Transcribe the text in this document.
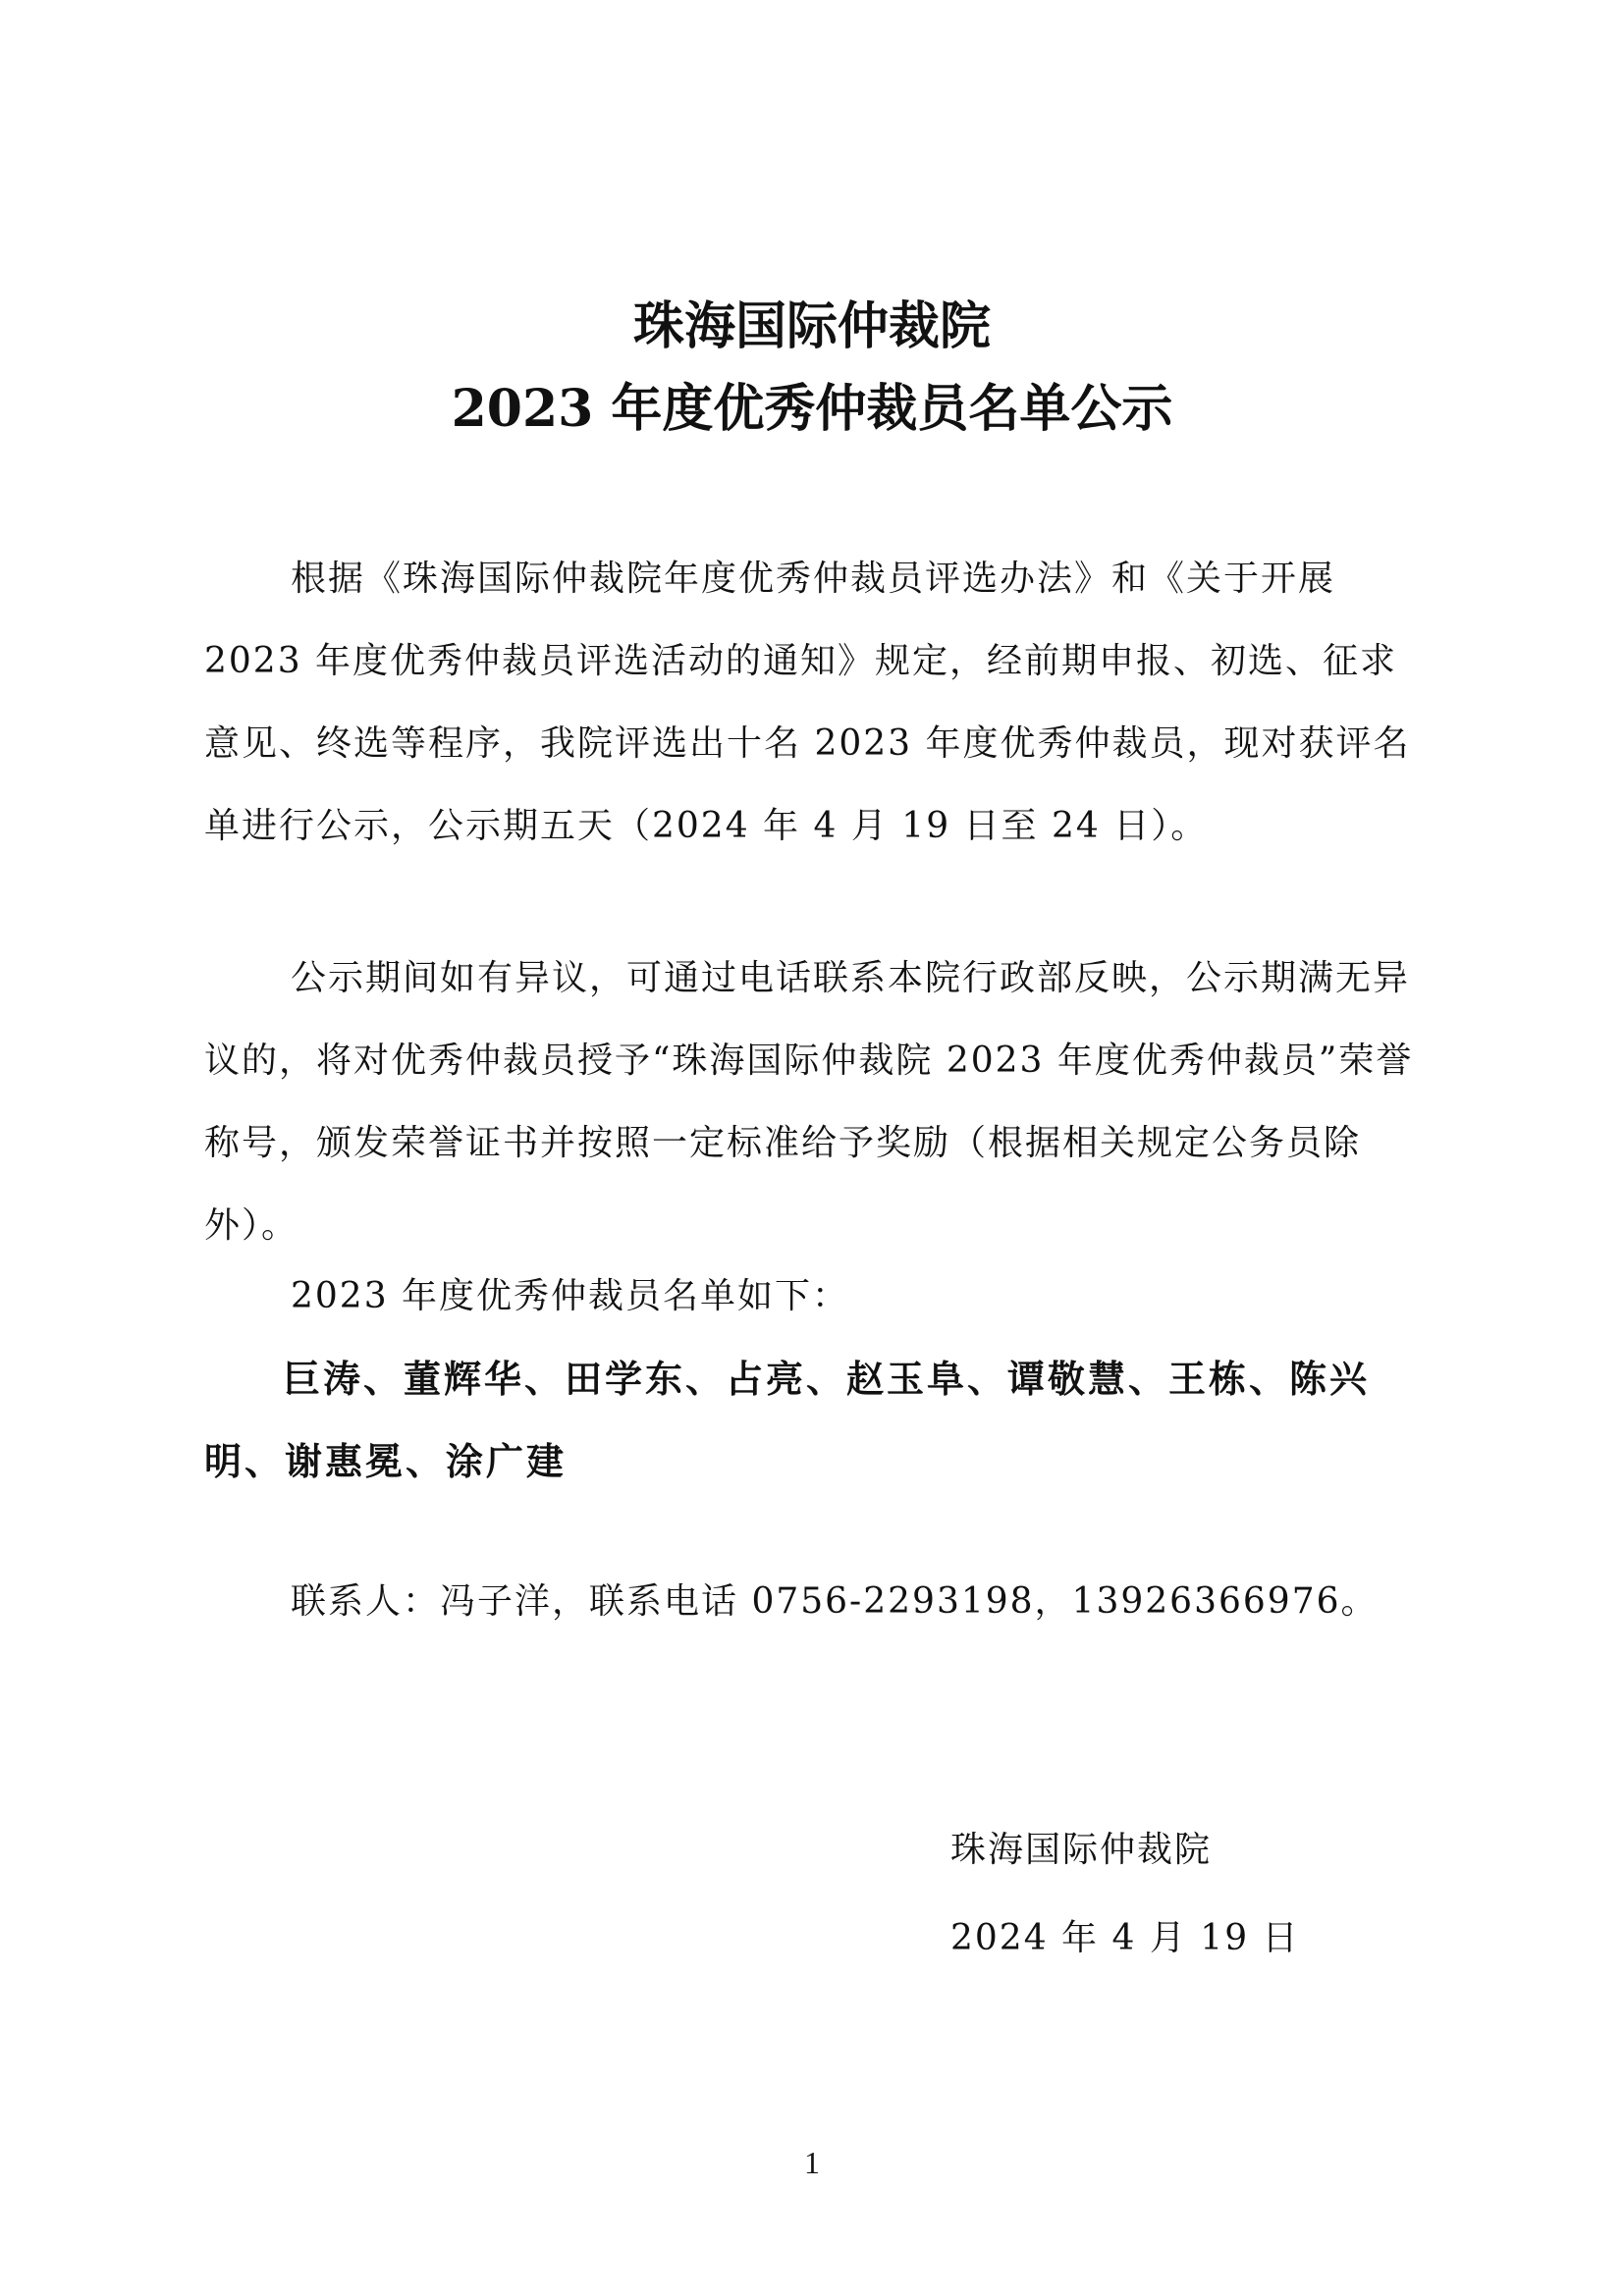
珠海国际仲裁院
2023 年度优秀仲裁员名单公示

根据《珠海国际仲裁院年度优秀仲裁员评选办法》和《关于开展2023 年度优秀仲裁员评选活动的通知》规定，经前期申报、初选、征求意见、终选等程序，我院评选出十名 2023 年度优秀仲裁员，现对获评名单进行公示，公示期五天（2024 年 4 月 19 日至 24 日）。

公示期间如有异议，可通过电话联系本院行政部反映，公示期满无异议的，将对优秀仲裁员授予“珠海国际仲裁院 2023 年度优秀仲裁员”荣誉称号，颁发荣誉证书并按照一定标准给予奖励（根据相关规定公务员除外）。

2023 年度优秀仲裁员名单如下：

巨涛、董辉华、田学东、占亮、赵玉阜、谭敬慧、王栋、陈兴明、谢惠冕、涂广建

联系人：冯子洋，联系电话 0756-2293198，13926366976。

珠海国际仲裁院

2024 年 4 月 19 日

1
